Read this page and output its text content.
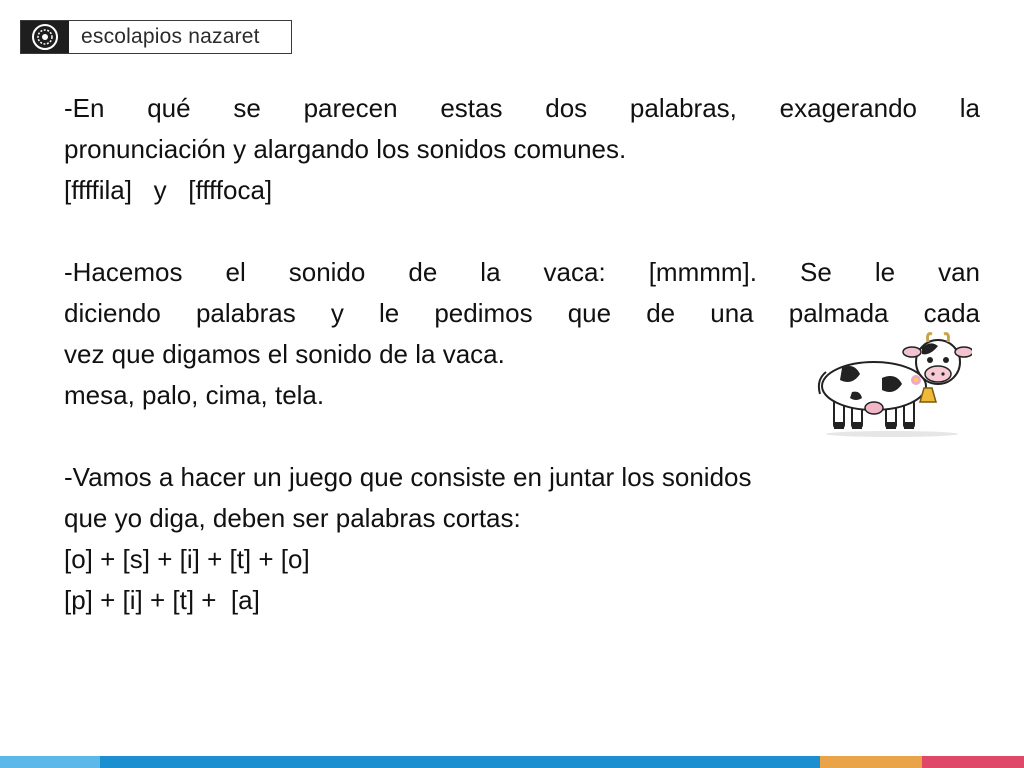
escolapios nazaret
-En qué se parecen estas dos palabras, exagerando la
pronunciación y alargando los sonidos comunes.
[ffffila]   y   [ffffoca]
-Hacemos el sonido de la vaca: [mmmm]. Se le van
diciendo palabras y le pedimos que de una palmada cada
vez que digamos el sonido de la vaca.
mesa, palo, cima, tela.
-Vamos a hacer un juego que consiste en juntar los sonidos
que yo diga, deben ser palabras cortas:
[o] + [s] + [i] + [t] + [o]
[p] + [i] + [t] +  [a]
